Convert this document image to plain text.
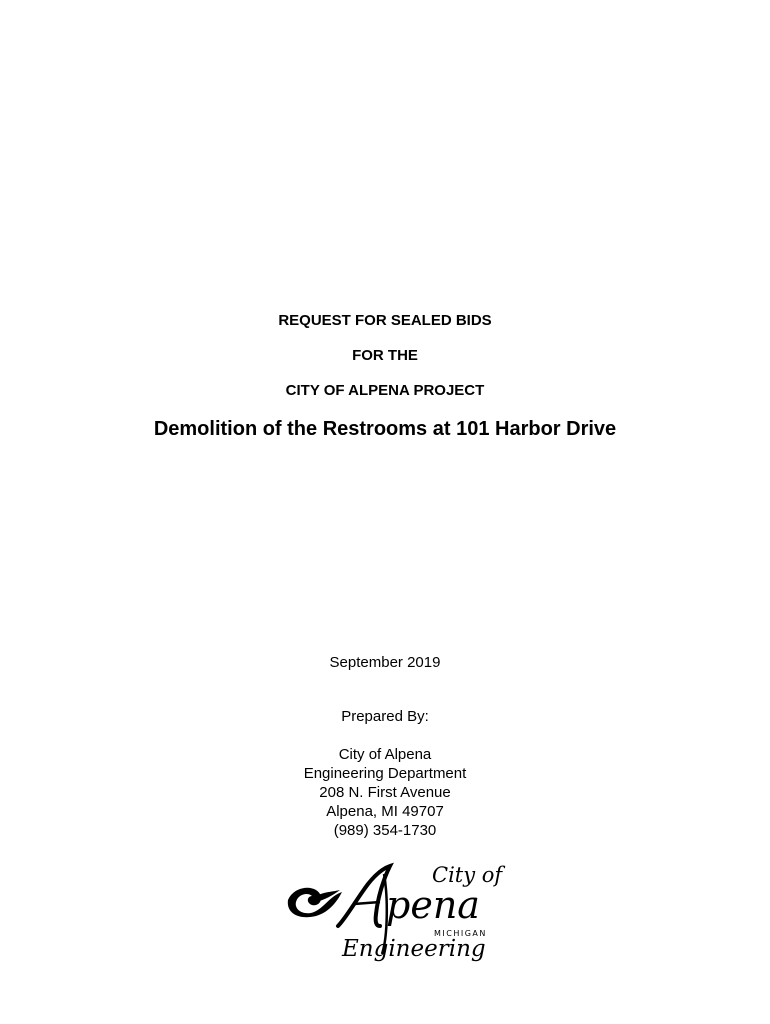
REQUEST FOR SEALED BIDS
FOR THE
CITY OF ALPENA PROJECT
Demolition of the Restrooms at 101 Harbor Drive
September 2019
Prepared By:
City of Alpena
Engineering Department
208 N. First Avenue
Alpena, MI 49707
(989) 354-1730
City of
pena
MICHIGAN
Engineering
